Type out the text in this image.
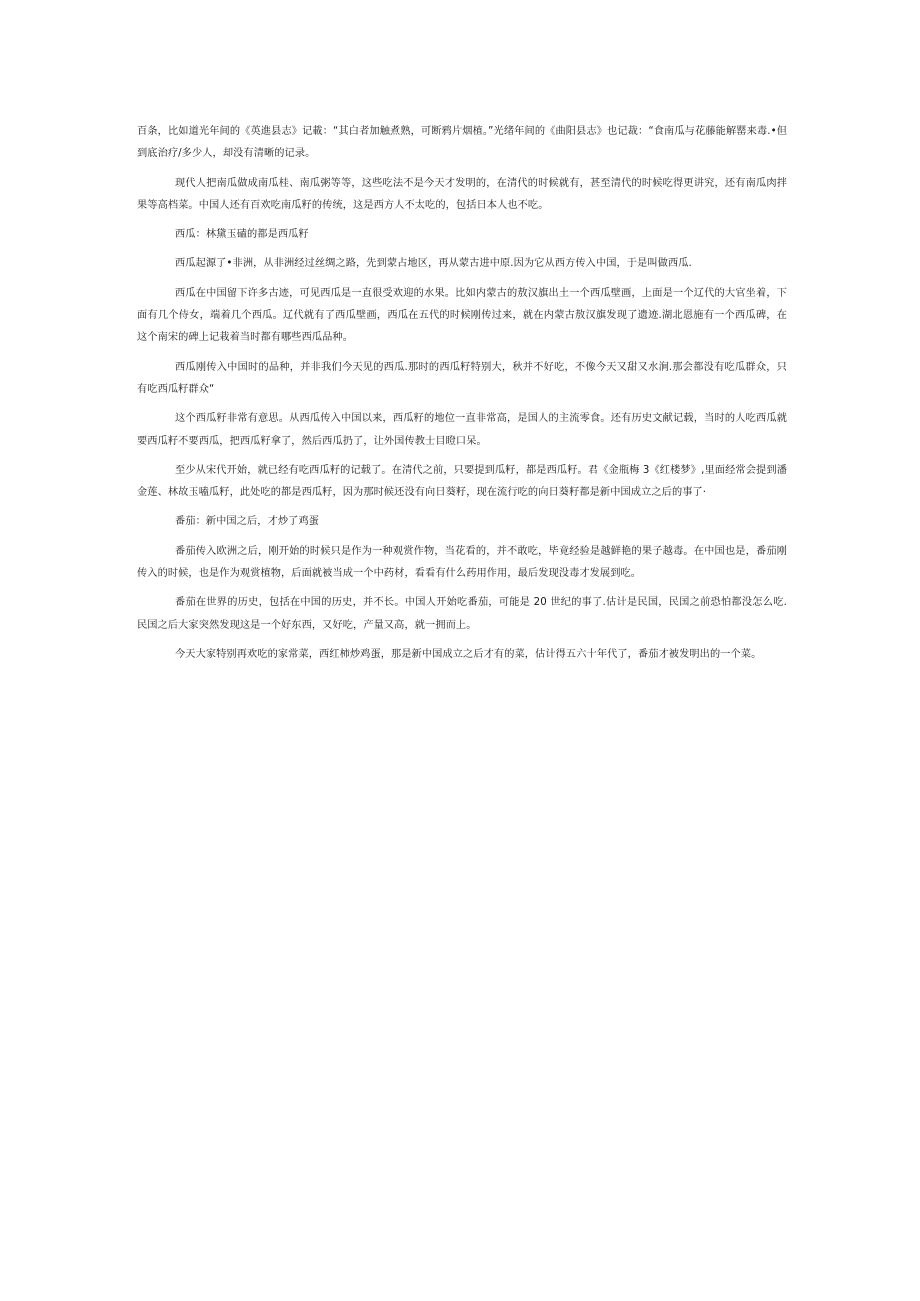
百条，比如道光年间的《英進县志》记載：“其白者加触煮熟，可断鸦片烟植。”光绪年间的《曲阳县志》也记裁：“食南瓜与花藤能解罂来毒.•但到底治疗/多少人，却没有清晰的记录。

现代人把南瓜做成南瓜桂、南瓜粥等等，这些吃法不是今天才发明的，在清代的时候就有，甚至清代的时候吃得更讲究，还有南瓜肉拌果等高档菜。中国人还有百欢吃南瓜籽的传统，这是西方人不太吃的，包括日本人也不吃。

西瓜：林黛玉磕的都是西瓜籽

西瓜起源了•非洲，从非洲经过丝绸之路，先到蒙占地区，再从蒙古进中原.因为它从西方传入中国，于是叫做西瓜.

西瓜在中国留下许多古迹，可见西瓜是一直很受欢迎的水果。比如内蒙古的敖汉旗出土一个西瓜壁画，上面是一个辽代的大官坐着，下面有几个侍女，端着几个西瓜。辽代就有了西瓜壁画，西瓜在五代的时候刚传过来，就在内蒙古敖汉旗发现了遗迹.湖北恩施有一个西瓜碑，在这个南宋的碑上记栽着当时都有哪些西瓜品种。

西瓜刚传入中国时的品种，并非我们今天见的西瓜.那时的西瓜籽特别大，秋并不好吃，不像今天又甜又水涧.那会都没有吃瓜群众，只有吃西瓜籽群众“

这个西瓜籽非常有意思。从西瓜传入中国以来，西瓜籽的地位一直非常高，是国人的主流零食。还有历史文献记载，当时的人吃西瓜就要西瓜籽不要西瓜，把西瓜籽拿了，然后西瓜扔了，让外国传教士目瞪口呆。

至少从宋代开始，就已经有吃西瓜籽的记载了。在清代之前，只要提到瓜籽，都是西瓜籽。君《金瓶梅 3《红楼梦》,里面经常会提到潘金莲、林故玉嗑瓜籽，此处吃的都是西瓜籽，因为那时候还没有向日葵籽，现在流行吃的向日葵籽都是新中国成立之后的事了·

番茄：新中国之后，才炒了鸡蛋

番茄传入欧洲之后，刚开始的时候只是作为一种观赏作物，当花看的，并不敢吃，毕竟经验是越鲜艳的果子越毒。在中国也是，番茄刚传入的时候，也是作为观赏植物，后面就被当成一个中药材，看看有什么药用作用，最后发现没毒才发展到吃。

番茄在世界的历史，包括在中国的历史，并不长。中国人开始吃番茄，可能是 20 世纪的事了.估计是民国，民国之前恐怕都没怎么吃.民国之后大家突然发现这是一个好东西，又好吃，产量又高，就一拥而上。

今天大家特别再欢吃的家常菜，西红柿炒鸡蛋，那是新中国成立之后才有的菜，估计得五六十年代了，番茄才被发明出的一个菜。
